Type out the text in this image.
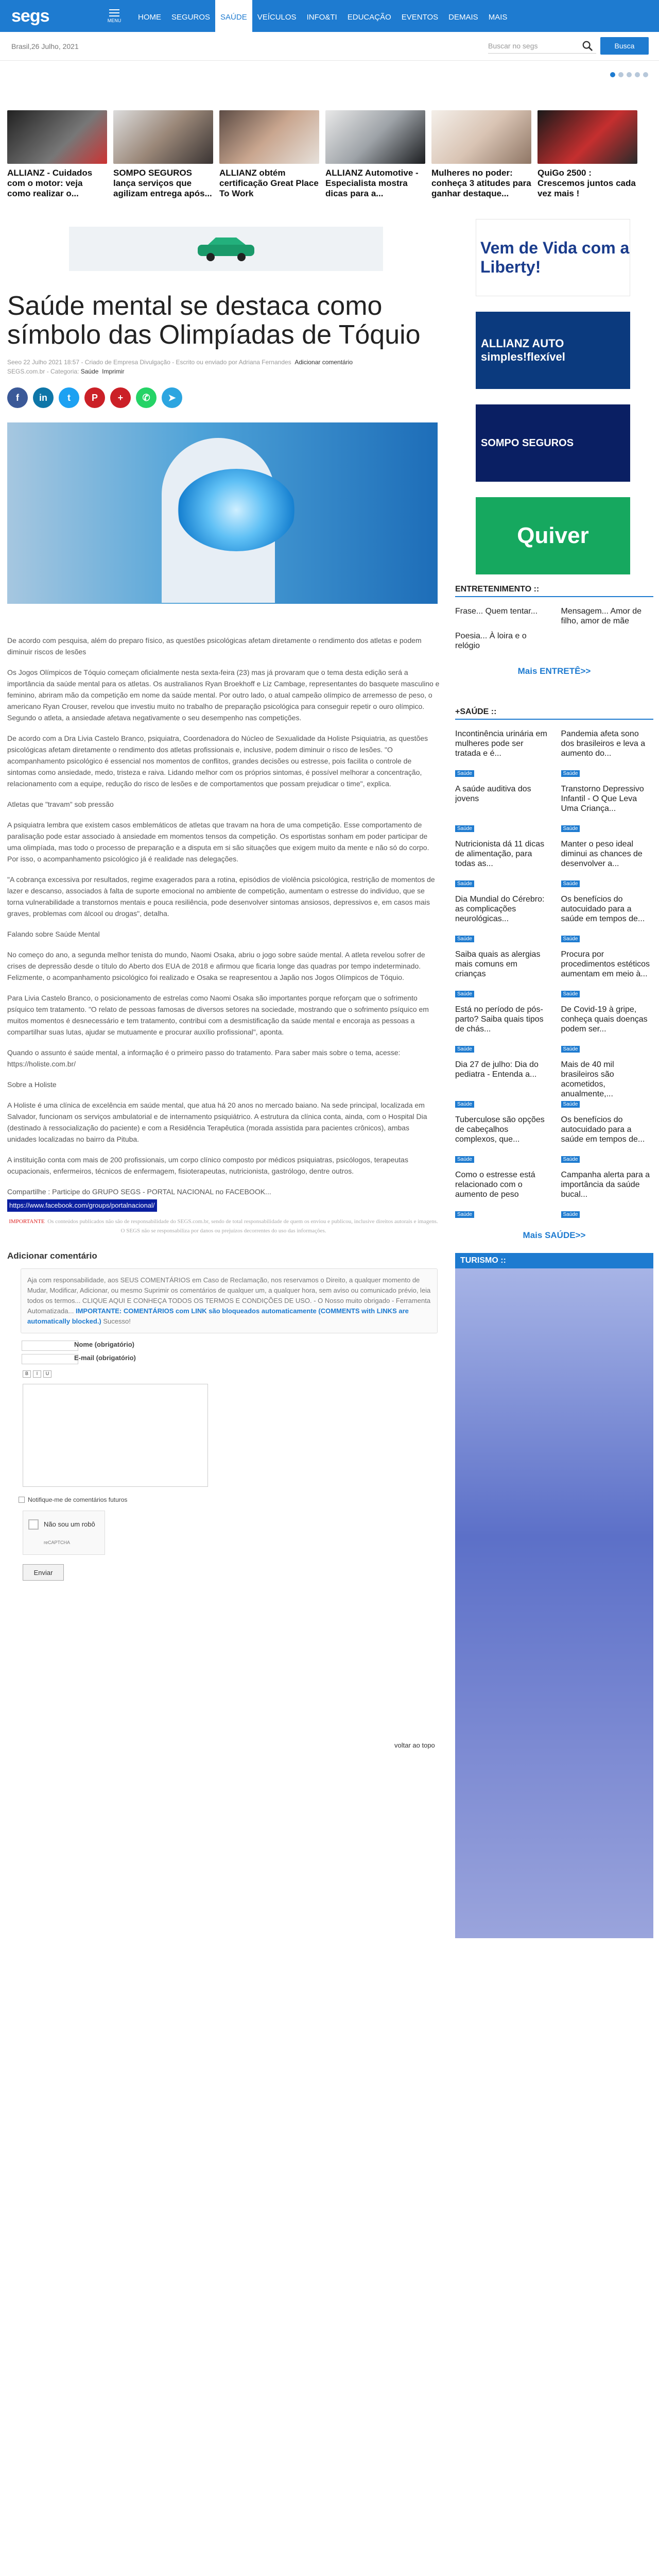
segs	MENU	HOME	SEGUROS	SAÚDE	VEÍCULOS	INFO&TI	EDUCAÇÃO	EVENTOS	DEMAIS	MAIS
Brasil,26 Julho, 2021	Buscar no segs	Busca
ALLIANZ - Cuidados com o motor: veja como realizar o...
SOMPO SEGUROS lança serviços que agilizam entrega após...
ALLIANZ obtém certificação Great Place To Work
ALLIANZ Automotive - Especialista mostra dicas para a...
Mulheres no poder: conheça 3 atitudes para ganhar destaque...
QuiGo 2500 : Crescemos juntos cada vez mais !
Saúde mental se destaca como símbolo das Olimpíadas de Tóquio
Seeo 22 Julho 2021 18:57 - Criado de Empresa Divulgação - Escrito ou enviado por Adriana Fernandes Adicionar comentário
SEGS.com.br - Categoria: Saúde Imprimir
f	in	t	P	+	✆	➤

De acordo com pesquisa, além do preparo físico, as questões psicológicas afetam diretamente o rendimento dos atletas e podem diminuir riscos de lesões

Os Jogos Olímpicos de Tóquio começam oficialmente nesta sexta-feira (23) mas já provaram que o tema desta edição será a importância da saúde mental para os atletas. Os australianos Ryan Broekhoff e Liz Cambage, representantes do basquete masculino e feminino, abriram mão da competição em nome da saúde mental. Por outro lado, o atual campeão olímpico de arremesso de peso, o americano Ryan Crouser, revelou que investiu muito no trabalho de preparação psicológica para conseguir repetir o ouro olímpico. Segundo o atleta, a ansiedade afetava negativamente o seu desempenho nas competições.

De acordo com a Dra Livia Castelo Branco, psiquiatra, Coordenadora do Núcleo de Sexualidade da Holiste Psiquiatria, as questões psicológicas afetam diretamente o rendimento dos atletas profissionais e, inclusive, podem diminuir o risco de lesões. "O acompanhamento psicológico é essencial nos momentos de conflitos, grandes decisões ou estresse, pois facilita o controle de sintomas como ansiedade, medo, tristeza e raiva. Lidando melhor com os próprios sintomas, é possível melhorar a concentração, relacionamento com a equipe, redução do risco de lesões e de comportamentos que possam prejudicar o time", explica.

Atletas que "travam" sob pressão

A psiquiatra lembra que existem casos emblemáticos de atletas que travam na hora de uma competição. Esse comportamento de paralisação pode estar associado à ansiedade em momentos tensos da competição. Os esportistas sonham em poder participar de uma olimpíada, mas todo o processo de preparação e a disputa em si são situações que exigem muito da mente e não só do corpo. Por isso, o acompanhamento psicológico já é realidade nas delegações.

"A cobrança excessiva por resultados, regime exagerados para a rotina, episódios de violência psicológica, restrição de momentos de lazer e descanso, associados à falta de suporte emocional no ambiente de competição, aumentam o estresse do indivíduo, que se torna vulnerabilidade a transtornos mentais e pouca resiliência, pode desenvolver sintomas ansiosos, depressivos e, em casos mais graves, problemas com álcool ou drogas", detalha.

Falando sobre Saúde Mental

No começo do ano, a segunda melhor tenista do mundo, Naomi Osaka, abriu o jogo sobre saúde mental. A atleta revelou sofrer de crises de depressão desde o título do Aberto dos EUA de 2018 e afirmou que ficaria longe das quadras por tempo indeterminado. Felizmente, o acompanhamento psicológico foi realizado e Osaka se reapresentou a Japão nos Jogos Olímpicos de Tóquio.

Para Livia Castelo Branco, o posicionamento de estrelas como Naomi Osaka são importantes porque reforçam que o sofrimento psíquico tem tratamento. "O relato de pessoas famosas de diversos setores na sociedade, mostrando que o sofrimento psíquico em muitos momentos é desnecessário e tem tratamento, contribui com a desmistificação da saúde mental e encoraja as pessoas a compartilhar suas lutas, ajudar se mutuamente e procurar auxílio profissional", aponta.

Quando o assunto é saúde mental, a informação é o primeiro passo do tratamento. Para saber mais sobre o tema, acesse: https://holiste.com.br/

Sobre a Holiste

A Holiste é uma clínica de excelência em saúde mental, que atua há 20 anos no mercado baiano. Na sede principal, localizada em Salvador, funcionam os serviços ambulatorial e de internamento psiquiátrico. A estrutura da clínica conta, ainda, com o Hospital Dia (destinado à ressocialização do paciente) e com a Residência Terapêutica (morada assistida para pacientes crônicos), ambas unidades localizadas no bairro da Pituba.

A instituição conta com mais de 200 profissionais, um corpo clínico composto por médicos psiquiatras, psicólogos, terapeutas ocupacionais, enfermeiros, técnicos de enfermagem, fisioterapeutas, nutricionista, gastrólogo, dentre outros.

Compartilhe : Participe do GRUPO SEGS - PORTAL NACIONAL no FACEBOOK...

https://www.facebook.com/groups/portalnacional/
IMPORTANTE Os conteúdos publicados não são de responsabilidade do SEGS.com.br, sendo de total responsabilidade de quem os enviou e publicou, inclusive direitos autorais e imagens. O SEGS não se responsabiliza por danos ou prejuízos decorrentes do uso das informações.
Adicionar comentário
Aja com responsabilidade, aos SEUS COMENTÁRIOS em Caso de Reclamação, nos reservamos o Direito, a qualquer momento de Mudar, Modificar, Adicionar, ou mesmo Suprimir os comentários de qualquer um, a qualquer hora, sem aviso ou comunicado prévio, leia todos os termos... CLIQUE AQUI E CONHEÇA TODOS OS TERMOS E CONDIÇÕES DE USO. - O Nosso muito obrigado - Ferramenta Automatizada... IMPORTANTE: COMENTÁRIOS com LINK são bloqueados automaticamente (COMMENTS with LINKS are automatically blocked.) Sucesso!
Nome (obrigatório)
E-mail (obrigatório)
B	I	U
Notifique-me de comentários futuros
Não sou um robô
reCAPTCHA
Enviar
voltar ao topo
Vem de Vida com a Liberty!
ALLIANZ AUTO simples!flexível
SOMPO SEGUROS
Quiver
ENTRETENIMENTO ::
Frase... Quem tentar...	Mensagem... Amor de filho, amor de mãe
Poesia... À loira e o relógio
Mais ENTRETÊ>>
+SAÚDE ::
Incontinência urinária em mulheres pode ser tratada e é...
Saúde
Pandemia afeta sono dos brasileiros e leva a aumento do...
Saúde
A saúde auditiva dos jovens
Saúde
Transtorno Depressivo Infantil - O Que Leva Uma Criança...
Saúde
Nutricionista dá 11 dicas de alimentação, para todas as...
Saúde
Manter o peso ideal diminui as chances de desenvolver a...
Saúde
Dia Mundial do Cérebro: as complicações neurológicas...
Saúde
Os benefícios do autocuidado para a saúde em tempos de...
Saúde
Saiba quais as alergias mais comuns em crianças
Saúde
Procura por procedimentos estéticos aumentam em meio à...
Saúde
Está no período de pós-parto? Saiba quais tipos de chás...
Saúde
De Covid-19 à gripe, conheça quais doenças podem ser...
Saúde
Dia 27 de julho: Dia do pediatra - Entenda a...
Saúde
Mais de 40 mil brasileiros são acometidos, anualmente,...
Saúde
Tuberculose são opções de cabeçalhos complexos, que...
Saúde
Os benefícios do autocuidado para a saúde em tempos de...
Saúde
Como o estresse está relacionado com o aumento de peso
Saúde
Campanha alerta para a importância da saúde bucal...
Saúde
Mais SAÚDE>>
TURISMO ::
